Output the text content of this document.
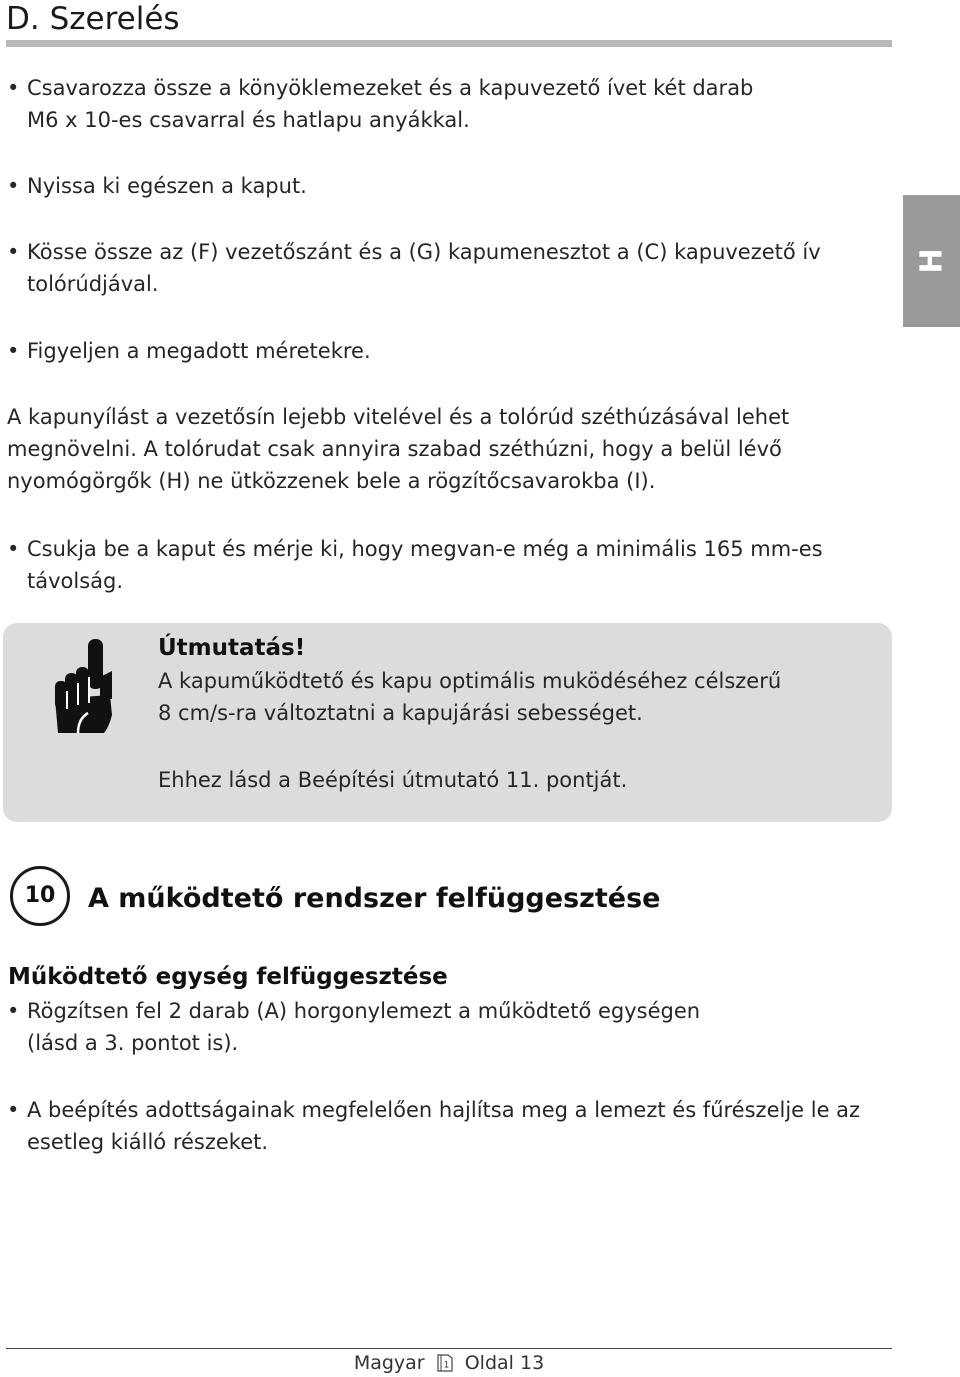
D. Szerelés
H
• Csavarozza össze a könyöklemezeket és a kapuvezető ívet két darab
M6 x 10-es csavarral és hatlapu anyákkal.
• Nyissa ki egészen a kaput.
• Kösse össze az (F) vezetőszánt és a (G) kapumenesztot a (C) kapuvezető ív
tolórúdjával.
• Figyeljen a megadott méretekre.
A kapunyílást a vezetősín lejebb vitelével és a tolórúd széthúzásával lehet
megnövelni. A tolórudat csak annyira szabad széthúzni, hogy a belül lévő
nyomógörgők (H) ne ütközzenek bele a rögzítőcsavarokba (I).
• Csukja be a kaput és mérje ki, hogy megvan-e még a minimális 165 mm-es
távolság.
Útmutatás!
A kapuműködtető és kapu optimális muködéséhez célszerű
8 cm/s-ra változtatni a kapujárási sebességet.
Ehhez lásd a Beépítési útmutató 11. pontját.
10	A működtető rendszer felfüggesztése
Működtető egység felfüggesztése
• Rögzítsen fel 2 darab (A) horgonylemezt a működtető egységen
(lásd a 3. pontot is).
• A beépítés adottságainak megfelelően hajlítsa meg a lemezt és fűrészelje le az
esetleg kiálló részeket.
Magyar 1 Oldal 13
